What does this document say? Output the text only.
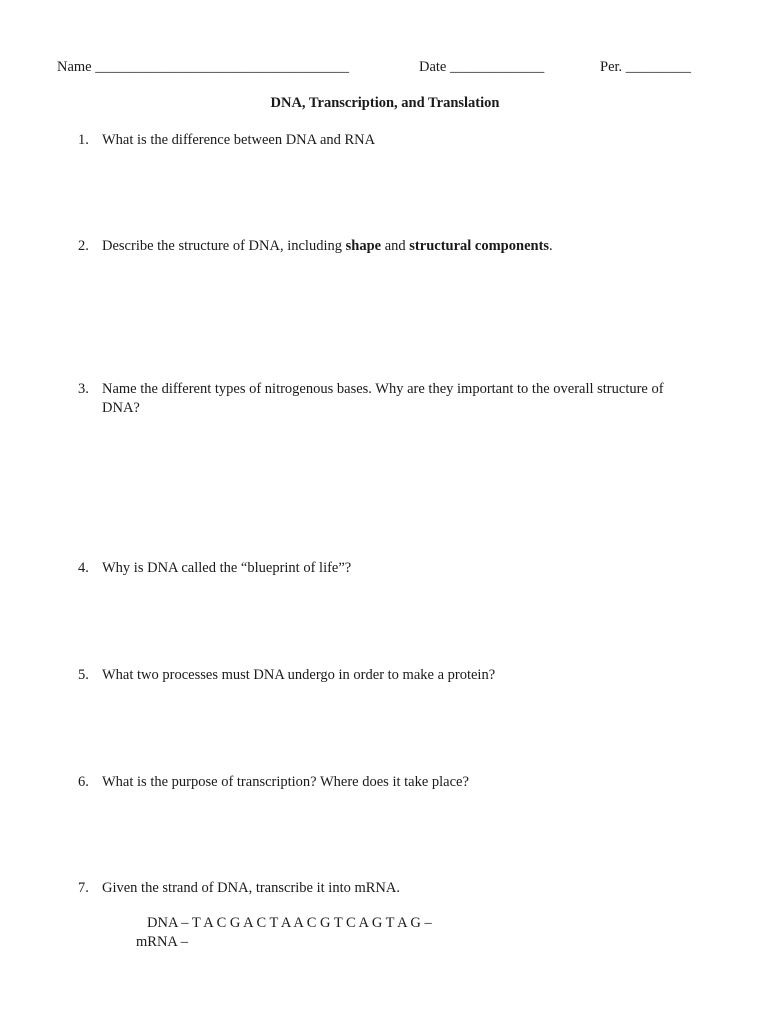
Name ___________________________________	Date _____________	Per. _________
DNA, Transcription, and Translation
1. What is the difference between DNA and RNA
2. Describe the structure of DNA, including shape and structural components.
3. Name the different types of nitrogenous bases. Why are they important to the overall structure of DNA?
4. Why is DNA called the “blueprint of life”?
5. What two processes must DNA undergo in order to make a protein?
6. What is the purpose of transcription? Where does it take place?
7. Given the strand of DNA, transcribe it into mRNA.
DNA – T A C G A C T A A C G T C A G T A G –
mRNA –
